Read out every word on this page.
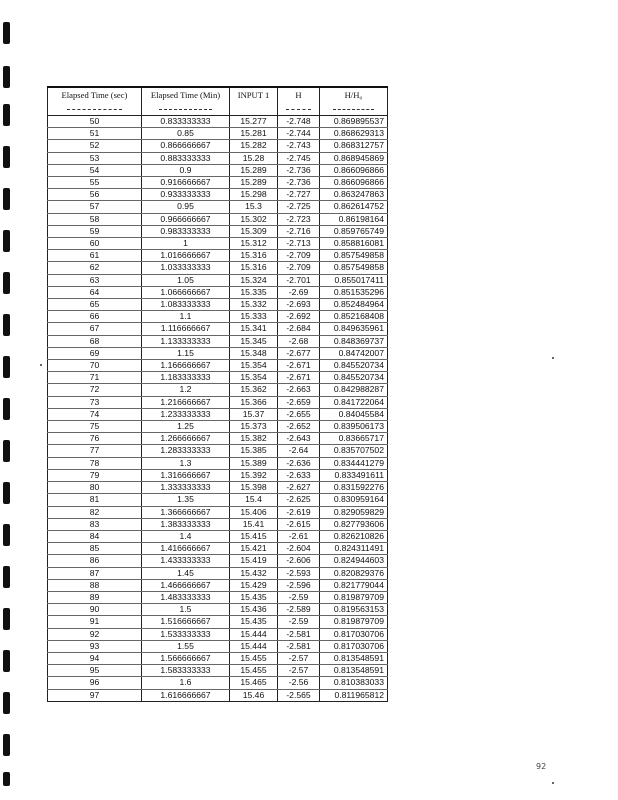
Elapsed Time (sec)	Elapsed Time (Min)	INPUT 1	H	H/H₀

50	0.833333333	15.277	-2.748	0.869895537
51	0.85	15.281	-2.744	0.868629313
52	0.866666667	15.282	-2.743	0.868312757
53	0.883333333	15.28	-2.745	0.868945869
54	0.9	15.289	-2.736	0.866096866
55	0.916666667	15.289	-2.736	0.866096866
56	0.933333333	15.298	-2.727	0.863247863
57	0.95	15.3	-2.725	0.862614752
58	0.966666667	15.302	-2.723	0.86198164
59	0.983333333	15.309	-2.716	0.859765749
60	1	15.312	-2.713	0.858816081
61	1.016666667	15.316	-2.709	0.857549858
62	1.033333333	15.316	-2.709	0.857549858
63	1.05	15.324	-2.701	0.855017411
64	1.066666667	15.335	-2.69	0.851535296
65	1.083333333	15.332	-2.693	0.852484964
66	1.1	15.333	-2.692	0.852168408
67	1.116666667	15.341	-2.684	0.849635961
68	1.133333333	15.345	-2.68	0.848369737
69	1.15	15.348	-2.677	0.84742007
70	1.166666667	15.354	-2.671	0.845520734
71	1.183333333	15.354	-2.671	0.845520734
72	1.2	15.362	-2.663	0.842988287
73	1.216666667	15.366	-2.659	0.841722064
74	1.233333333	15.37	-2.655	0.84045584
75	1.25	15.373	-2.652	0.839506173
76	1.266666667	15.382	-2.643	0.83665717
77	1.283333333	15.385	-2.64	0.835707502
78	1.3	15.389	-2.636	0.834441279
79	1.316666667	15.392	-2.633	0.833491611
80	1.333333333	15.398	-2.627	0.831592276
81	1.35	15.4	-2.625	0.830959164
82	1.366666667	15.406	-2.619	0.829059829
83	1.383333333	15.41	-2.615	0.827793606
84	1.4	15.415	-2.61	0.826210826
85	1.416666667	15.421	-2.604	0.824311491
86	1.433333333	15.419	-2.606	0.824944603
87	1.45	15.432	-2.593	0.820829376
88	1.466666667	15.429	-2.596	0.821779044
89	1.483333333	15.435	-2.59	0.819879709
90	1.5	15.436	-2.589	0.819563153
91	1.516666667	15.435	-2.59	0.819879709
92	1.533333333	15.444	-2.581	0.817030706
93	1.55	15.444	-2.581	0.817030706
94	1.566666667	15.455	-2.57	0.813548591
95	1.583333333	15.455	-2.57	0.813548591
96	1.6	15.465	-2.56	0.810383033
97	1.616666667	15.46	-2.565	0.811965812
92
